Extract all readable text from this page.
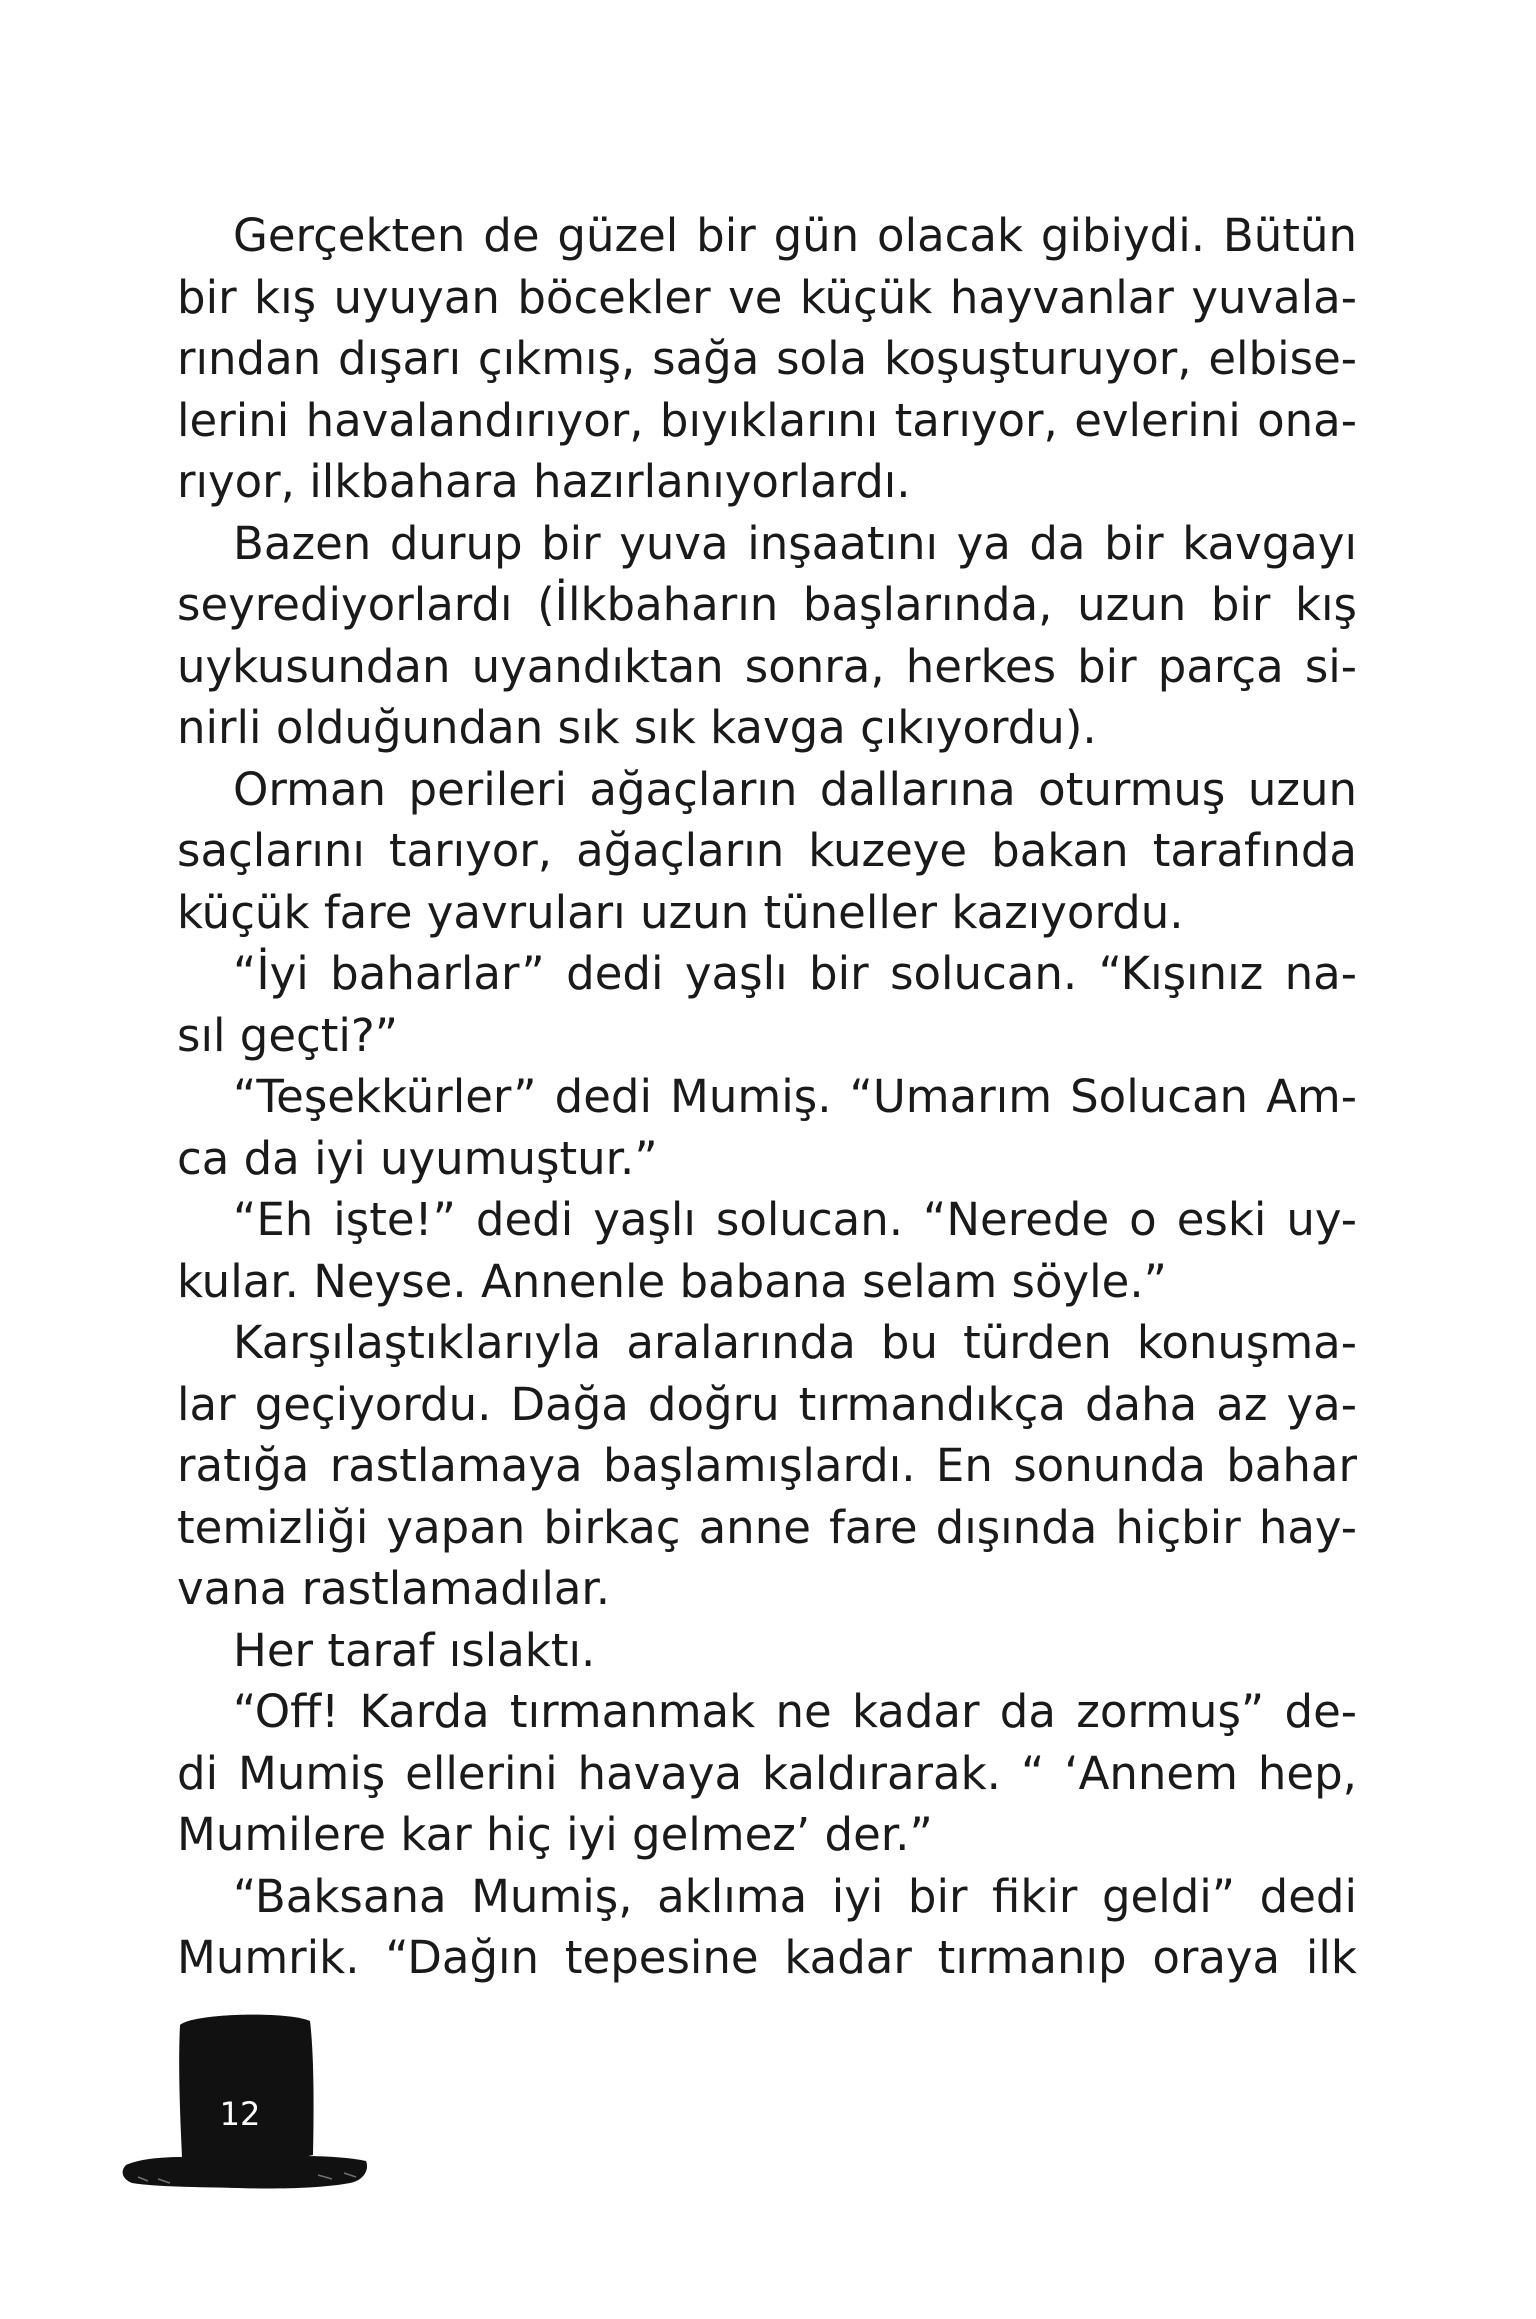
Gerçekten de güzel bir gün olacak gibiydi. Bütün
bir kış uyuyan böcekler ve küçük hayvanlar yuvala-
rından dışarı çıkmış, sağa sola koşuşturuyor, elbise-
lerini havalandırıyor, bıyıklarını tarıyor, evlerini ona-
rıyor, ilkbahara hazırlanıyorlardı.
Bazen durup bir yuva inşaatını ya da bir kavgayı
seyrediyorlardı (İlkbaharın başlarında, uzun bir kış
uykusundan uyandıktan sonra, herkes bir parça si-
nirli olduğundan sık sık kavga çıkıyordu).
Orman perileri ağaçların dallarına oturmuş uzun
saçlarını tarıyor, ağaçların kuzeye bakan tarafında
küçük fare yavruları uzun tüneller kazıyordu.
“İyi baharlar” dedi yaşlı bir solucan. “Kışınız na-
sıl geçti?”
“Teşekkürler” dedi Mumiş. “Umarım Solucan Am-
ca da iyi uyumuştur.”
“Eh işte!” dedi yaşlı solucan. “Nerede o eski uy-
kular. Neyse. Annenle babana selam söyle.”
Karşılaştıklarıyla aralarında bu türden konuşma-
lar geçiyordu. Dağa doğru tırmandıkça daha az ya-
ratığa rastlamaya başlamışlardı. En sonunda bahar
temizliği yapan birkaç anne fare dışında hiçbir hay-
vana rastlamadılar.
Her taraf ıslaktı.
“Off! Karda tırmanmak ne kadar da zormuş” de-
di Mumiş ellerini havaya kaldırarak. “ ‘Annem hep,
Mumilere kar hiç iyi gelmez’ der.”
“Baksana Mumiş, aklıma iyi bir fikir geldi” dedi
Mumrik. “Dağın tepesine kadar tırmanıp oraya ilk
12
